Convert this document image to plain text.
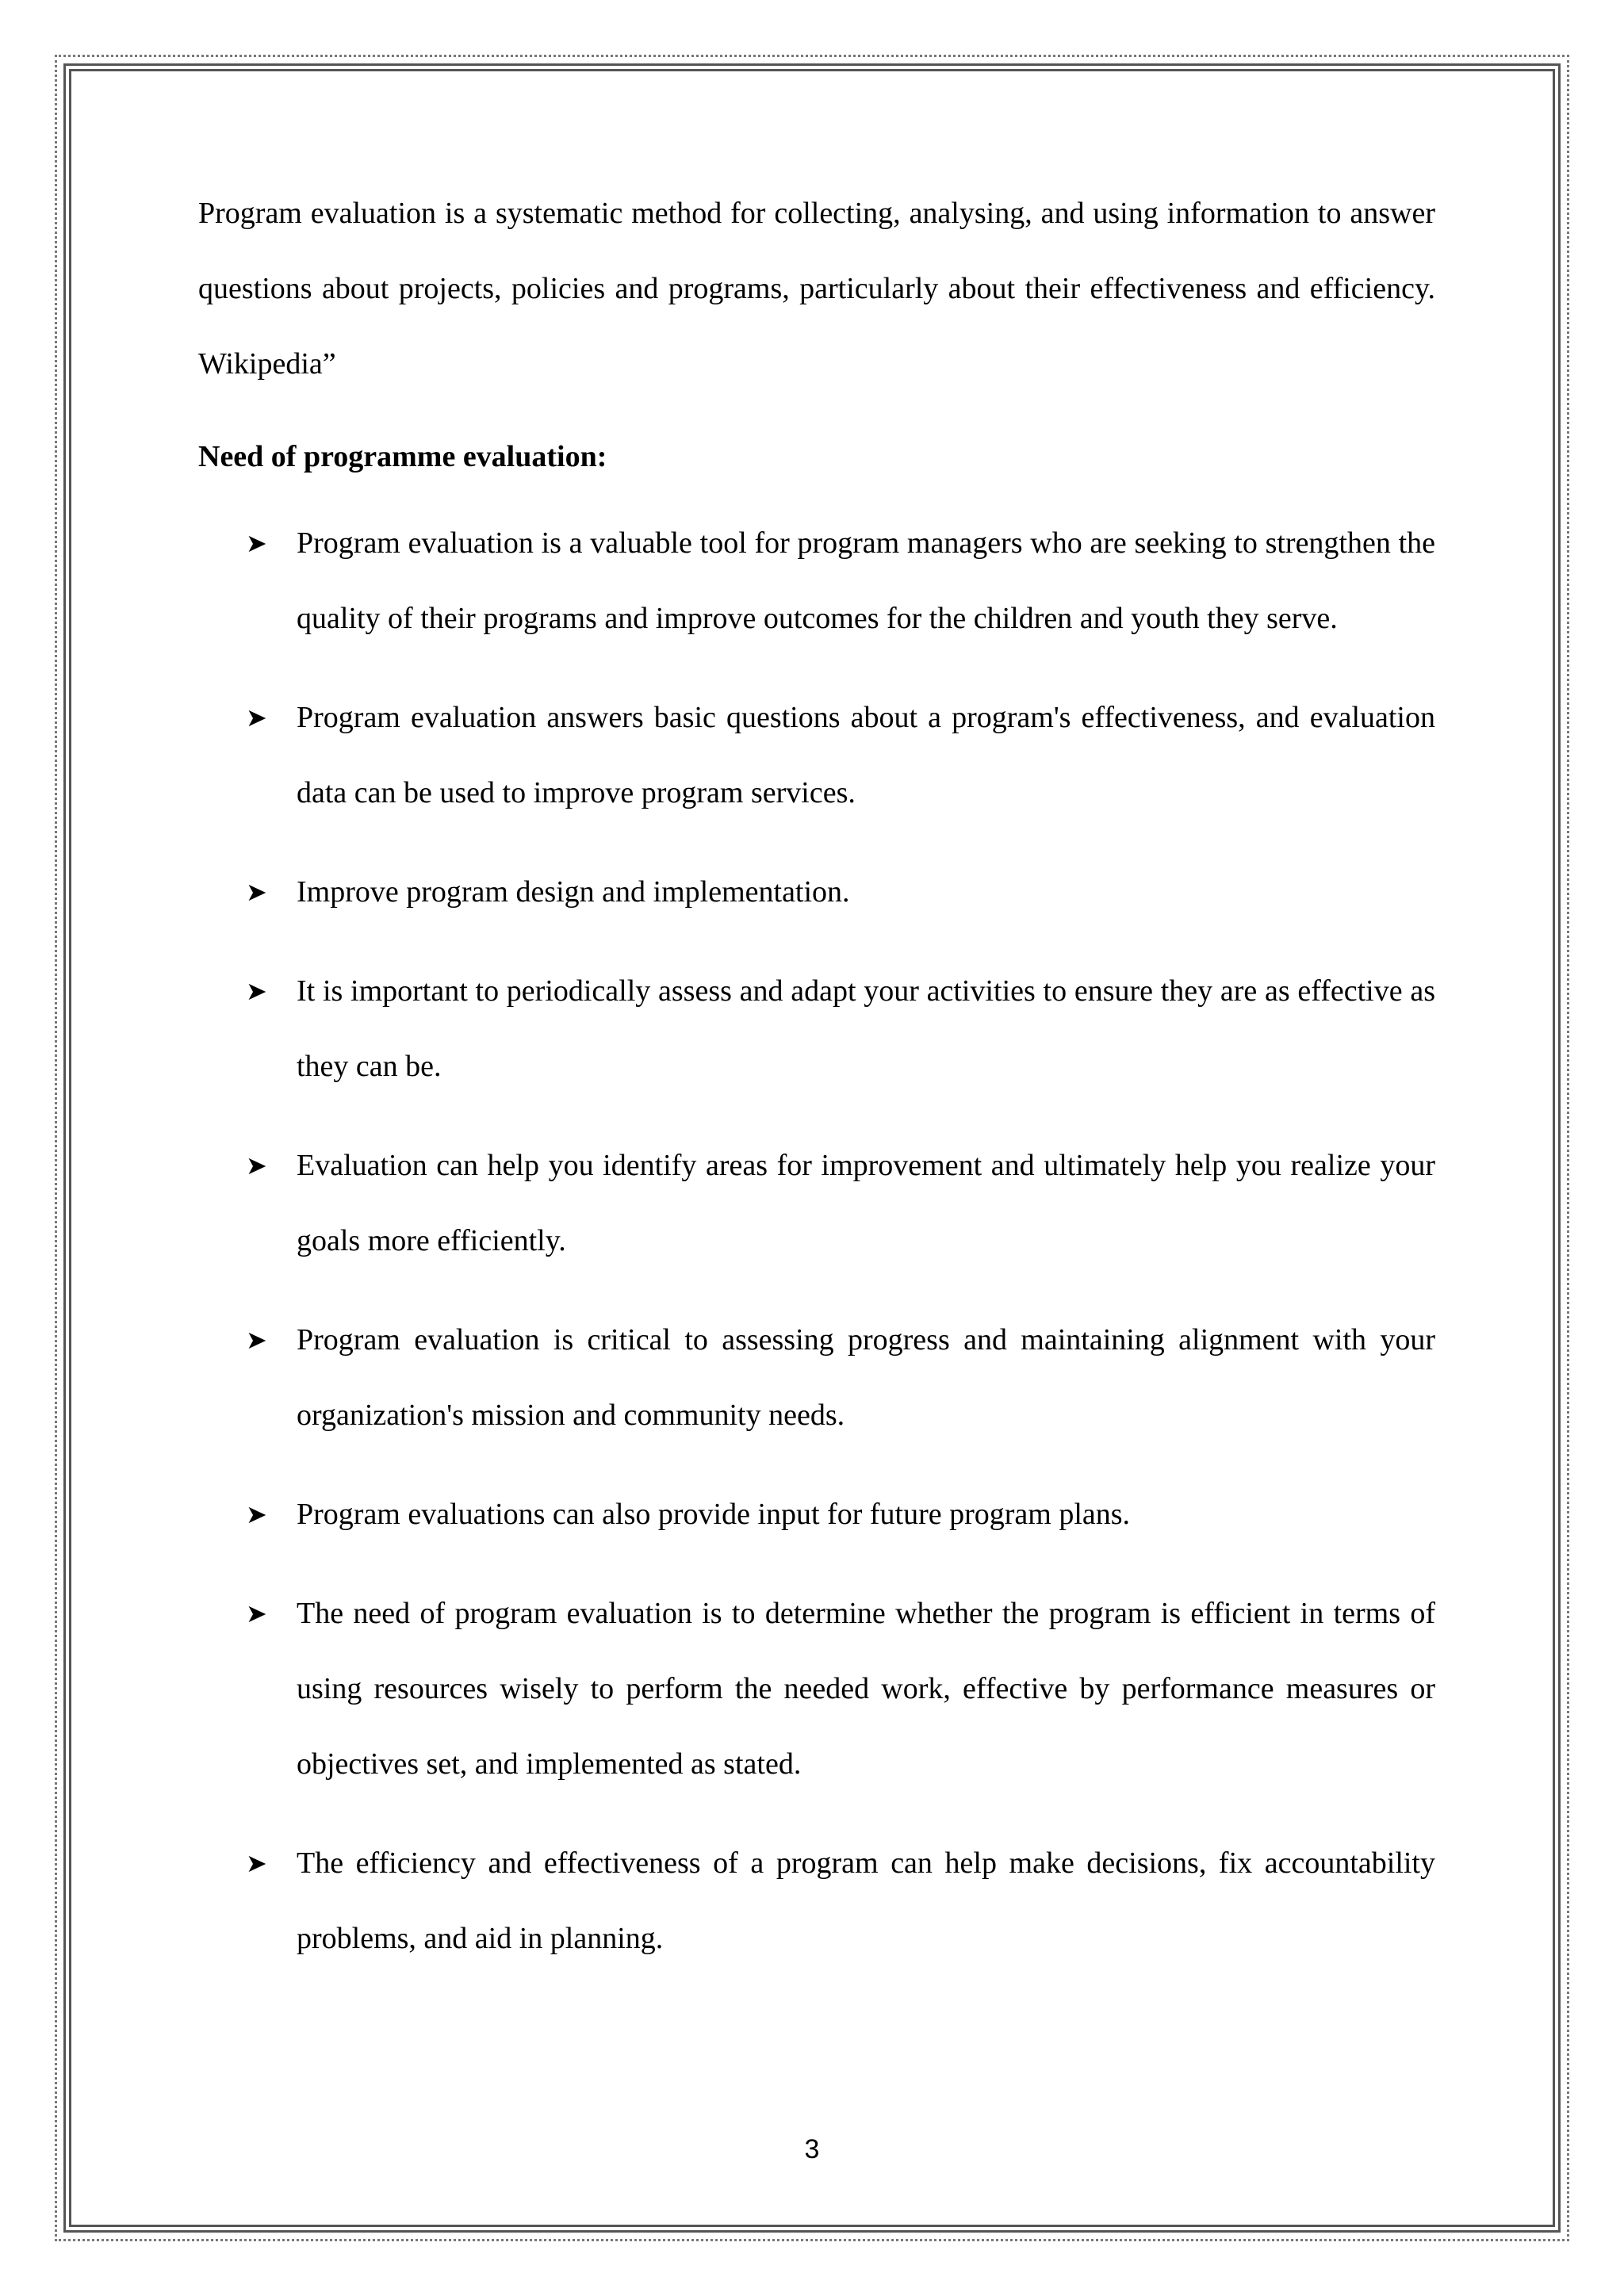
Program evaluation is a systematic method for collecting, analysing, and using information to answer questions about projects, policies and programs, particularly about their effectiveness and efficiency. Wikipedia”

Need of programme evaluation:
➤ Program evaluation is a valuable tool for program managers who are seeking to strengthen the quality of their programs and improve outcomes for the children and youth they serve.
➤ Program evaluation answers basic questions about a program's effectiveness, and evaluation data can be used to improve program services.
➤ Improve program design and implementation.
➤ It is important to periodically assess and adapt your activities to ensure they are as effective as they can be.
➤ Evaluation can help you identify areas for improvement and ultimately help you realize your goals more efficiently.
➤ Program evaluation is critical to assessing progress and maintaining alignment with your organization's mission and community needs.
➤ Program evaluations can also provide input for future program plans.
➤ The need of program evaluation is to determine whether the program is efficient in terms of using resources wisely to perform the needed work, effective by performance measures or objectives set, and implemented as stated.
➤ The efficiency and effectiveness of a program can help make decisions, fix accountability problems, and aid in planning.
3
